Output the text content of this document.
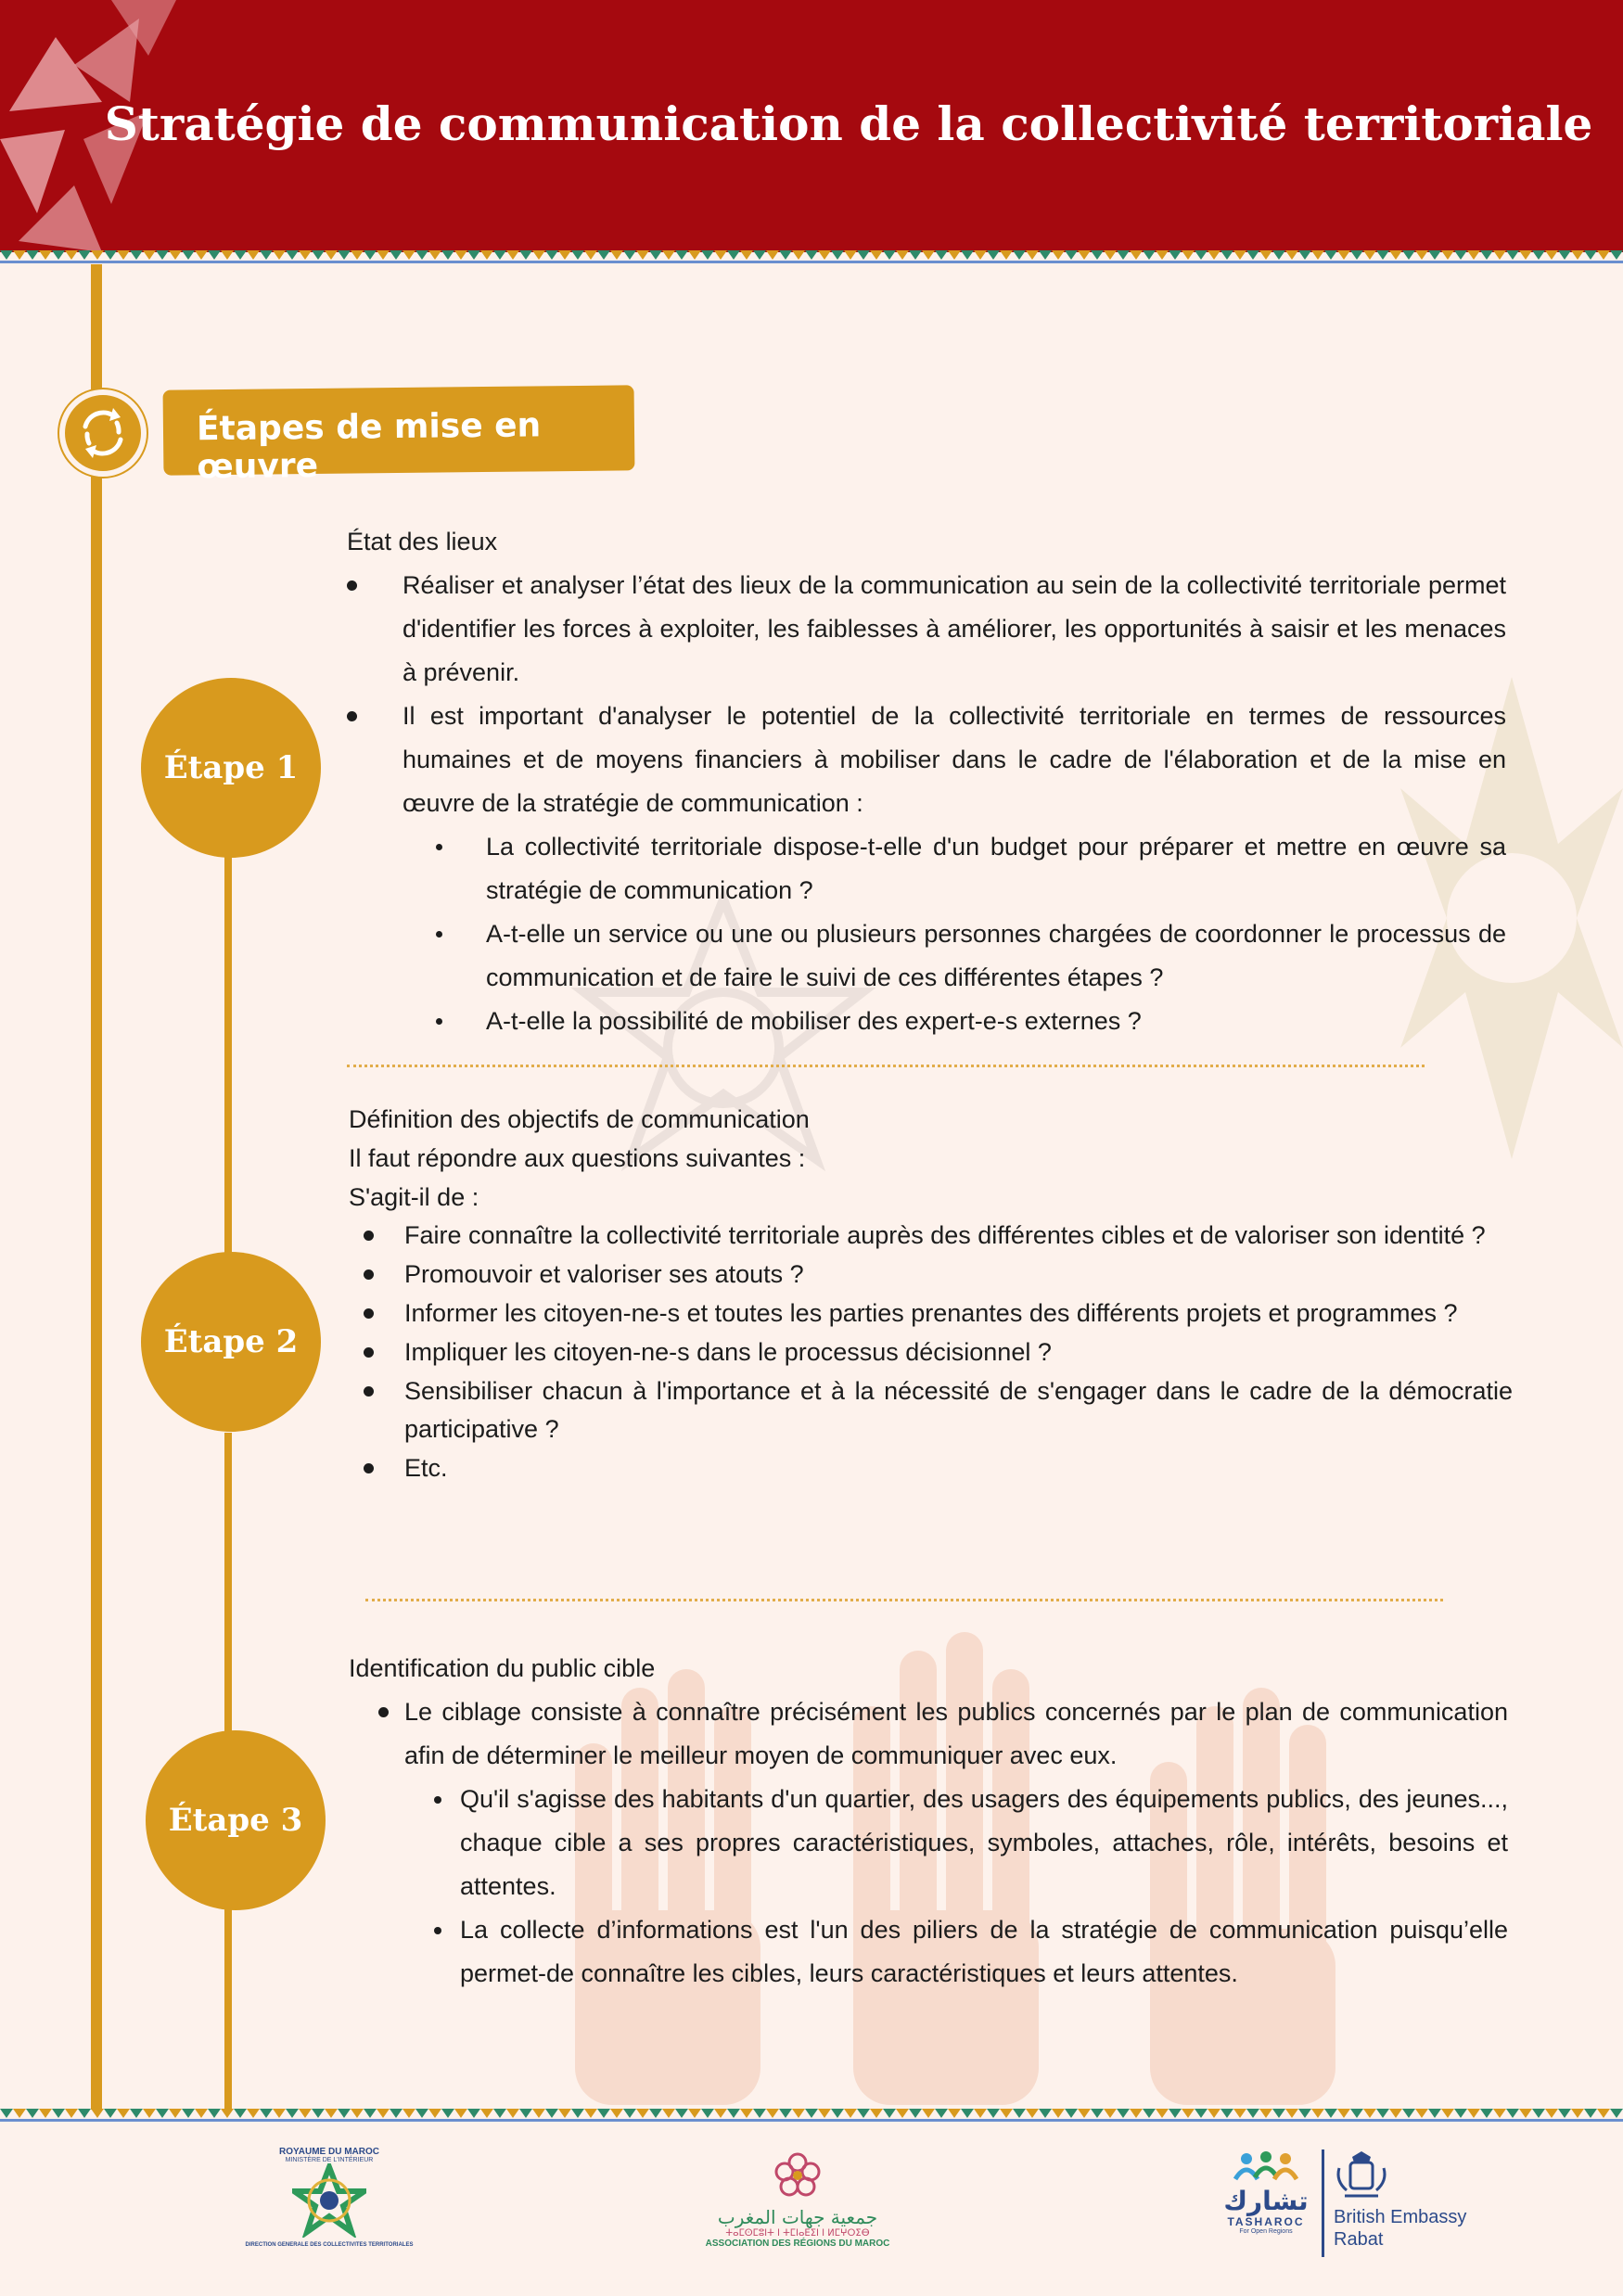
Stratégie de communication de la collectivité territoriale
Étapes de mise en œuvre
Étape 1
Étape 2
Étape 3
État des lieux
Réaliser et analyser l’état des lieux de la communication au sein de la collectivité territoriale permet d'identifier les forces à exploiter, les faiblesses à améliorer, les opportunités à saisir et les menaces à prévenir.
Il est important d'analyser le potentiel de la collectivité territoriale en termes de ressources humaines et de moyens financiers à mobiliser dans le cadre de l'élaboration et de la mise en œuvre de la stratégie de communication :
La collectivité territoriale dispose-t-elle d'un budget pour préparer et mettre en œuvre sa stratégie de communication ?
A-t-elle un service ou une ou plusieurs personnes chargées de coordonner le processus de communication et de faire le suivi de ces différentes étapes ?
A-t-elle la possibilité de mobiliser des expert-e-s externes ?
Définition des objectifs de communication
Il faut répondre aux questions suivantes :
S'agit-il de :
Faire connaître la collectivité territoriale auprès des différentes cibles et de valoriser son identité ?
Promouvoir et valoriser ses atouts ?
Informer les citoyen-ne-s et toutes les parties prenantes des différents projets et programmes ?
Impliquer les citoyen-ne-s dans le processus décisionnel ?
Sensibiliser chacun à l'importance et à la nécessité de s'engager dans le cadre de la démocratie participative ?
Etc.
Identification du public cible
Le ciblage consiste à connaître précisément les publics concernés par le plan de communication afin de déterminer le meilleur moyen de communiquer avec eux.
Qu'il s'agisse des habitants d'un quartier, des usagers des équipements publics, des jeunes..., chaque cible a ses propres caractéristiques, symboles, attaches, rôle, intérêts, besoins et attentes.
La collecte d’informations est l'un des piliers de la stratégie de communication puisqu’elle permet-de connaître les cibles, leurs caractéristiques et leurs attentes.
ROYAUME DU MAROC
MINISTÈRE DE L'INTÉRIEUR
DIRECTION GENERALE DES COLLECTIVITES TERRITORIALES
جمعية جهات المغرب
ⵜⴰⵎⵙⵎⵓⵏⵜ ⵏ ⵜⵎⵏⴰⴹⵉⵏ ⵏ ⵍⵎⵖⵔⵉⴱ
ASSOCIATION DES RÉGIONS DU MAROC
تشارك
TASHAROC
For Open Regions
British Embassy
Rabat
